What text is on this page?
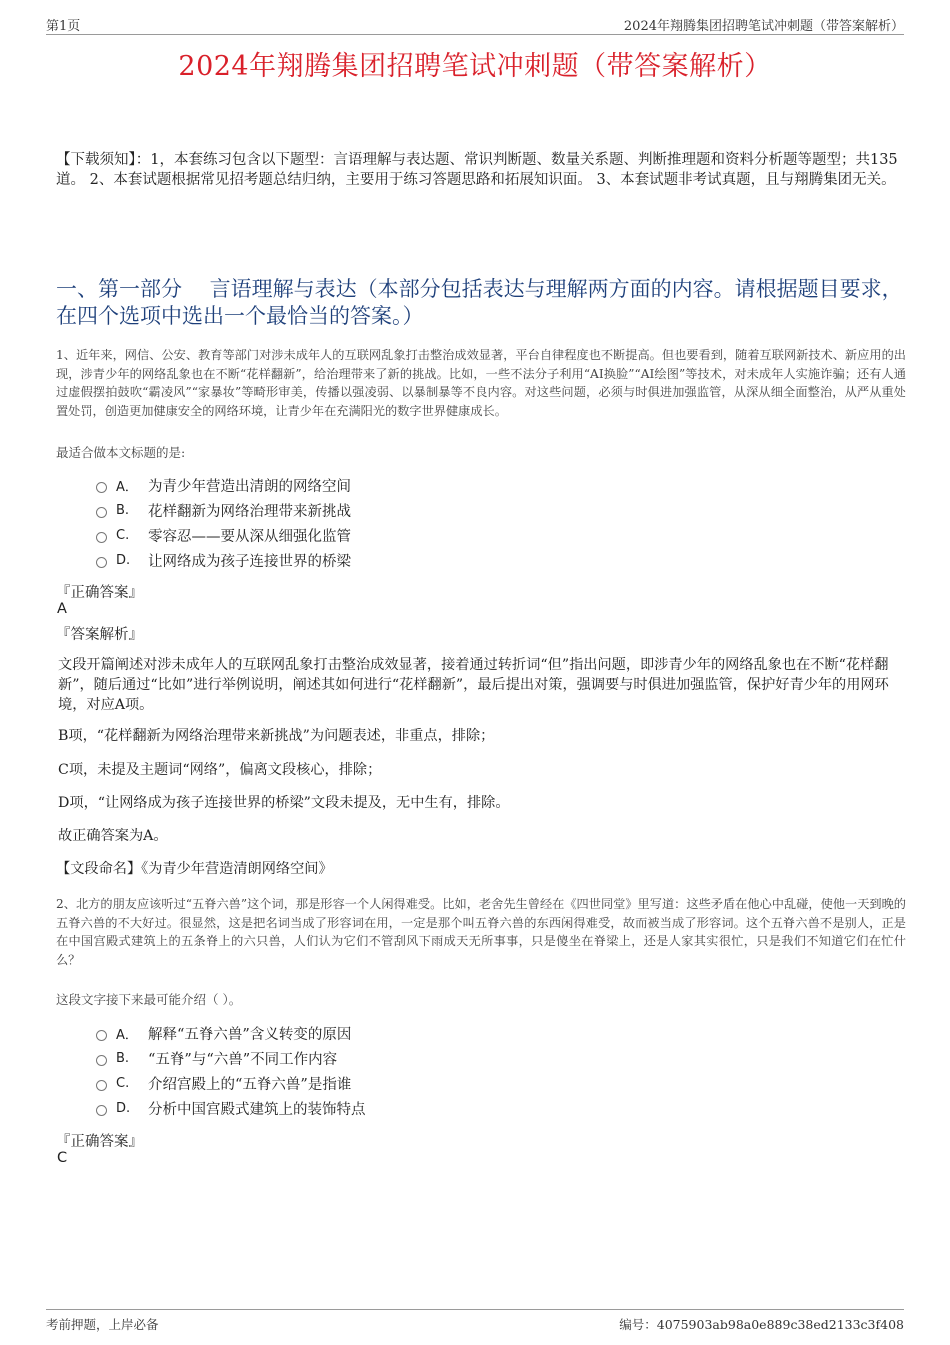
第1页	2024年翔腾集团招聘笔试冲刺题（带答案解析）
2024年翔腾集团招聘笔试冲刺题（带答案解析）
【下载须知】：1，本套练习包含以下题型：言语理解与表达题、常识判断题、数量关系题、判断推理题和资料分析题等题型；共135道。 2、本套试题根据常见招考题总结归纳，主要用于练习答题思路和拓展知识面。 3、本套试题非考试真题，且与翔腾集团无关。
一、第一部分　 言语理解与表达（本部分包括表达与理解两方面的内容。请根据题目要求，在四个选项中选出一个最恰当的答案。）
1、近年来，网信、公安、教育等部门对涉未成年人的互联网乱象打击整治成效显著，平台自律程度也不断提高。但也要看到，随着互联网新技术、新应用的出现，涉青少年的网络乱象也在不断“花样翻新”，给治理带来了新的挑战。比如，一些不法分子利用“AI换脸”“AI绘图”等技术，对未成年人实施诈骗；还有人通过虚假摆拍鼓吹“霸凌风”“家暴妆”等畸形审美，传播以强凌弱、以暴制暴等不良内容。对这些问题，必须与时俱进加强监管，从深从细全面整治，从严从重处置处罚，创造更加健康安全的网络环境，让青少年在充满阳光的数字世界健康成长。
最适合做本文标题的是:
A． 为青少年营造出清朗的网络空间
B.	花样翻新为网络治理带来新挑战
C.	零容忍——要从深从细强化监管
D.	让网络成为孩子连接世界的桥梁
『正确答案』
A
『答案解析』
文段开篇阐述对涉未成年人的互联网乱象打击整治成效显著，接着通过转折词“但”指出问题，即涉青少年的网络乱象也在不断“花样翻新”，随后通过“比如”进行举例说明，阐述其如何进行“花样翻新”，最后提出对策，强调要与时俱进加强监管，保护好青少年的用网环境，对应A项。
B项，“花样翻新为网络治理带来新挑战”为问题表述，非重点，排除；
C项，未提及主题词“网络”，偏离文段核心，排除；
D项，“让网络成为孩子连接世界的桥梁”文段未提及，无中生有，排除。
故正确答案为A。
【文段命名】《为青少年营造清朗网络空间》
2、北方的朋友应该听过“五脊六兽”这个词，那是形容一个人闲得难受。比如，老舍先生曾经在《四世同堂》里写道：这些矛盾在他心中乱碰，使他一天到晚的五脊六兽的不大好过。很显然，这是把名词当成了形容词在用，一定是那个叫五脊六兽的东西闲得难受，故而被当成了形容词。这个五脊六兽不是别人，正是在中国宫殿式建筑上的五条脊上的六只兽，人们认为它们不管刮风下雨成天无所事事，只是傻坐在脊梁上，还是人家其实很忙，只是我们不知道它们在忙什么？
这段文字接下来最可能介绍（ ）。
A． 解释“五脊六兽”含义转变的原因
B.	“五脊”与“六兽”不同工作内容
C.	介绍宫殿上的“五脊六兽”是指谁
D.	分析中国宫殿式建筑上的装饰特点
『正确答案』
C
考前押题，上岸必备	编号：4075903ab98a0e889c38ed2133c3f408
